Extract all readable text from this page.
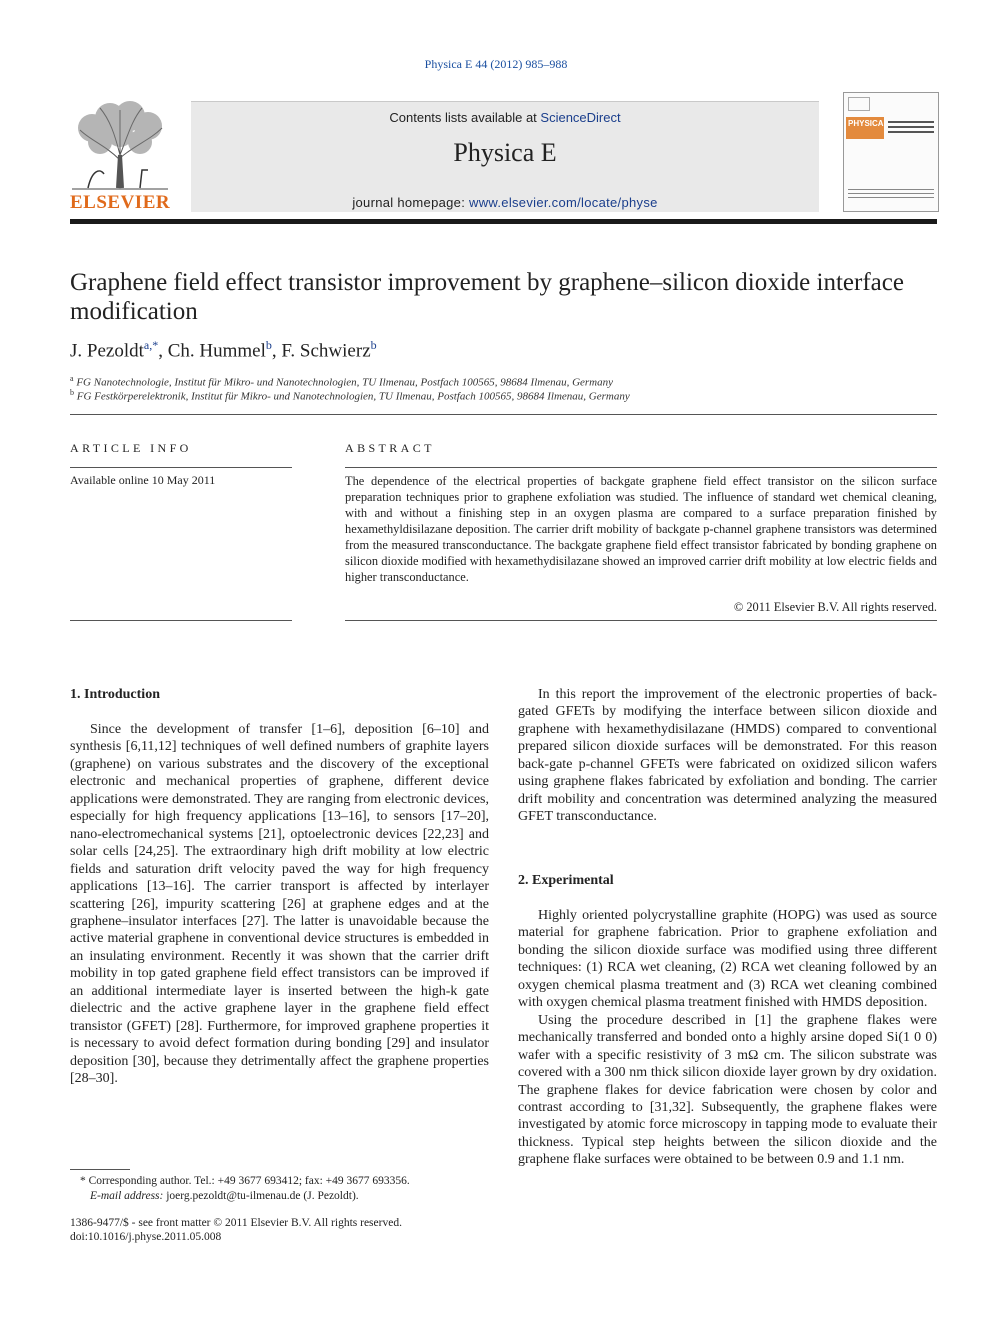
Physica E 44 (2012) 985–988
ELSEVIER
Contents lists available at ScienceDirect
Physica E
journal homepage: www.elsevier.com/locate/physe
PHYSICA
Graphene field effect transistor improvement by graphene–silicon dioxide interface modification
J. Pezoldt$^{a,*}$, Ch. Hummel$^b$, F. Schwierz$^b$
$^a$ FG Nanotechnologie, Institut für Mikro- und Nanotechnologien, TU Ilmenau, Postfach 100565, 98684 Ilmenau, Germany
$^b$ FG Festkörperelektronik, Institut für Mikro- und Nanotechnologien, TU Ilmenau, Postfach 100565, 98684 Ilmenau, Germany
ARTICLE INFO
Available online 10 May 2011
ABSTRACT
The dependence of the electrical properties of backgate graphene field effect transistor on the silicon surface preparation techniques prior to graphene exfoliation was studied. The influence of standard wet chemical cleaning, with and without a finishing step in an oxygen plasma are compared to a surface preparation finished by hexamethyldisilazane deposition. The carrier drift mobility of backgate p-channel graphene transistors was determined from the measured transconductance. The backgate graphene field effect transistor fabricated by bonding graphene on silicon dioxide modified with hexamethydisilazane showed an improved carrier drift mobility at low electric fields and higher transconductance.
© 2011 Elsevier B.V. All rights reserved.
1. Introduction

Since the development of transfer [1–6], deposition [6–10] and synthesis [6,11,12] techniques of well defined numbers of graphite layers (graphene) on various substrates and the discovery of the exceptional electronic and mechanical properties of graphene, different device applications were demonstrated. They are ranging from electronic devices, especially for high frequency applications [13–16], to sensors [17–20], nano-electromechanical systems [21], optoelectronic devices [22,23] and solar cells [24,25]. The extraordinary high drift mobility at low electric fields and saturation drift velocity paved the way for high frequency applications [13–16]. The carrier transport is affected by interlayer scattering [26], impurity scattering [26] at graphene edges and at the graphene–insulator interfaces [27]. The latter is unavoidable because the active material graphene in conventional device structures is embedded in an insulating environment. Recently it was shown that the carrier drift mobility in top gated graphene field effect transistors can be improved if an additional intermediate layer is inserted between the high-k gate dielectric and the active graphene layer in the graphene field effect transistor (GFET) [28]. Furthermore, for improved graphene properties it is necessary to avoid defect formation during bonding [29] and insulator deposition [30], because they detrimentally affect the graphene properties [28–30].

* Corresponding author. Tel.: +49 3677 693412; fax: +49 3677 693356.
E-mail address: joerg.pezoldt@tu-ilmenau.de (J. Pezoldt).
1386-9477/$ - see front matter © 2011 Elsevier B.V. All rights reserved.
doi:10.1016/j.physe.2011.05.008

In this report the improvement of the electronic properties of back-gated GFETs by modifying the interface between silicon dioxide and graphene with hexamethydisilazane (HMDS) compared to conventional prepared silicon dioxide surfaces will be demonstrated. For this reason back-gate p-channel GFETs were fabricated on oxidized silicon wafers using graphene flakes fabricated by exfoliation and bonding. The carrier drift mobility and concentration was determined analyzing the measured GFET transconductance.

2. Experimental

Highly oriented polycrystalline graphite (HOPG) was used as source material for graphene fabrication. Prior to graphene exfoliation and bonding the silicon dioxide surface was modified using three different techniques: (1) RCA wet cleaning, (2) RCA wet cleaning followed by an oxygen chemical plasma treatment and (3) RCA wet cleaning combined with oxygen chemical plasma treatment finished with HMDS deposition.

Using the procedure described in [1] the graphene flakes were mechanically transferred and bonded onto a highly arsine doped Si(1 0 0) wafer with a specific resistivity of 3 mΩ cm. The silicon substrate was covered with a 300 nm thick silicon dioxide layer grown by dry oxidation. The graphene flakes for device fabrication were chosen by color and contrast according to [31,32]. Subsequently, the graphene flakes were investigated by atomic force microscopy in tapping mode to evaluate their thickness. Typical step heights between the silicon dioxide and the graphene flake surfaces were obtained to be between 0.9 and 1.1 nm.
